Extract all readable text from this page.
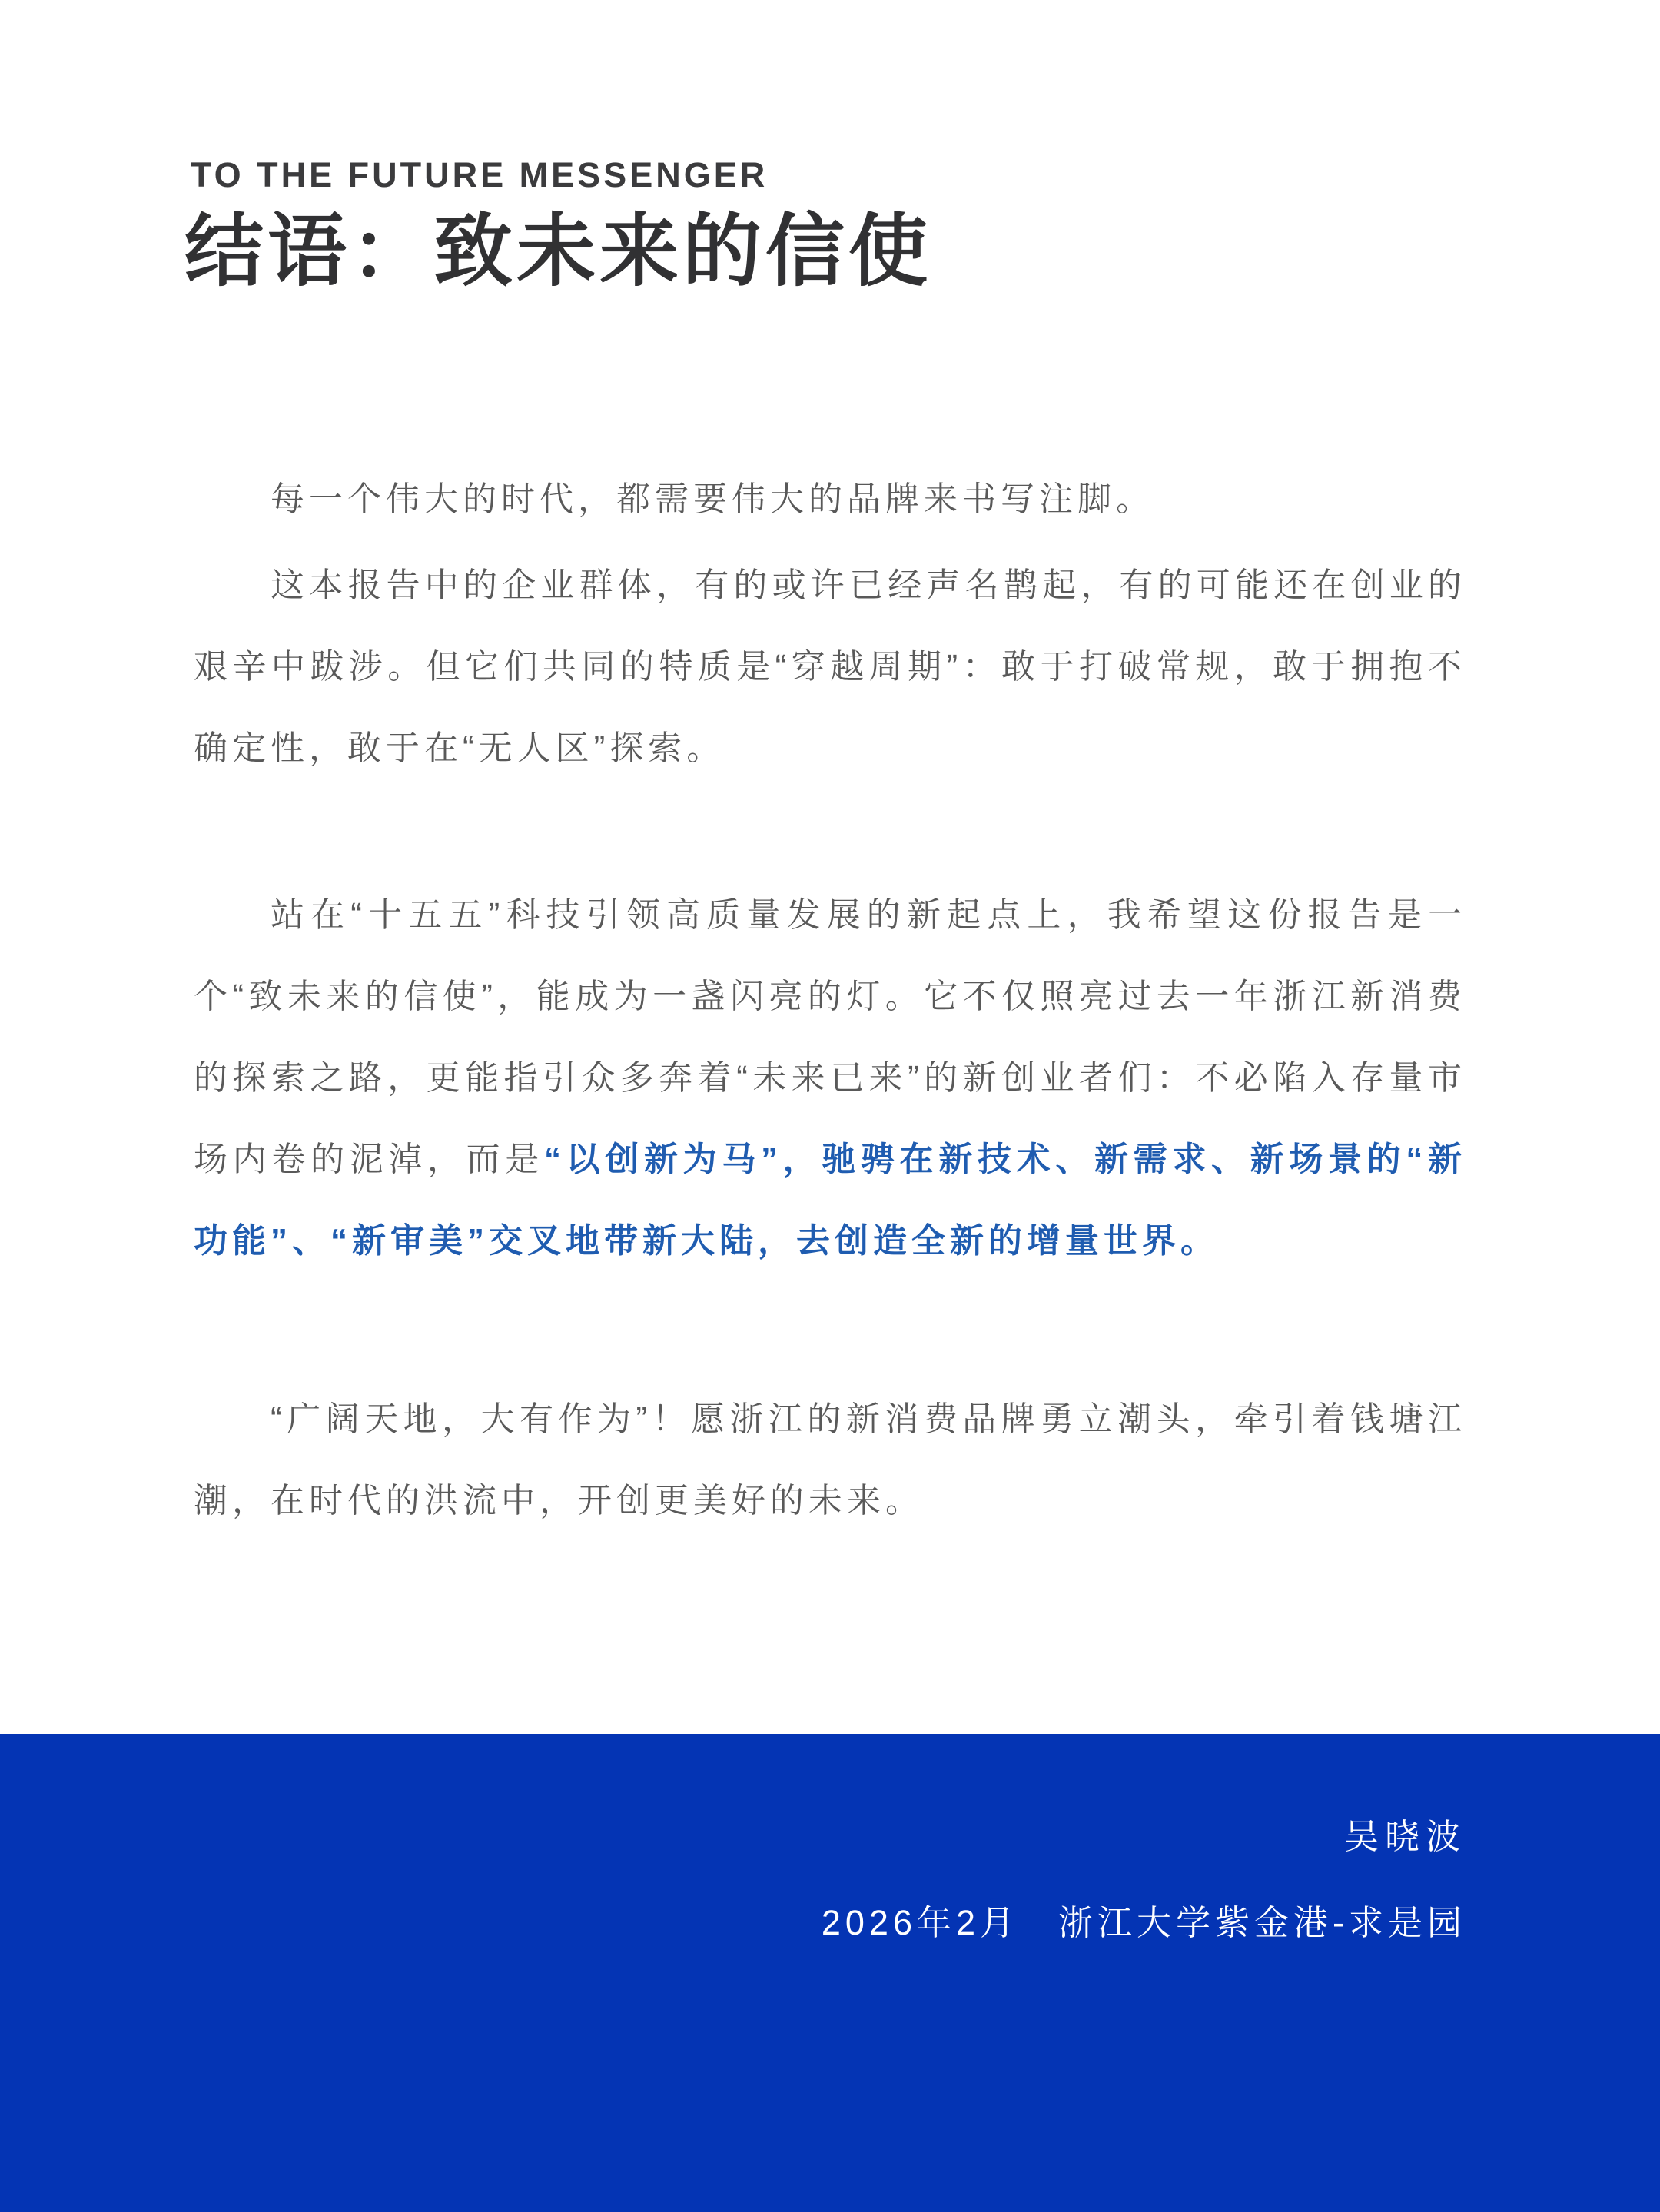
TO THE FUTURE MESSENGER
结语：致未来的信使

每一个伟大的时代，都需要伟大的品牌来书写注脚。

这本报告中的企业群体，有的或许已经声名鹊起，有的可能还在创业的艰辛中跋涉。但它们共同的特质是“穿越周期”：敢于打破常规，敢于拥抱不确定性，敢于在“无人区”探索。

站在“十五五”科技引领高质量发展的新起点上，我希望这份报告是一个“致未来的信使”，能成为一盏闪亮的灯。它不仅照亮过去一年浙江新消费的探索之路，更能指引众多奔着“未来已来”的新创业者们：不必陷入存量市场内卷的泥淖，而是“以创新为马”，驰骋在新技术、新需求、新场景的“新功能”、“新审美”交叉地带新大陆，去创造全新的增量世界。

“广阔天地，大有作为”！愿浙江的新消费品牌勇立潮头，牵引着钱塘江潮，在时代的洪流中，开创更美好的未来。

吴晓波
2026年2月　浙江大学紫金港-求是园
